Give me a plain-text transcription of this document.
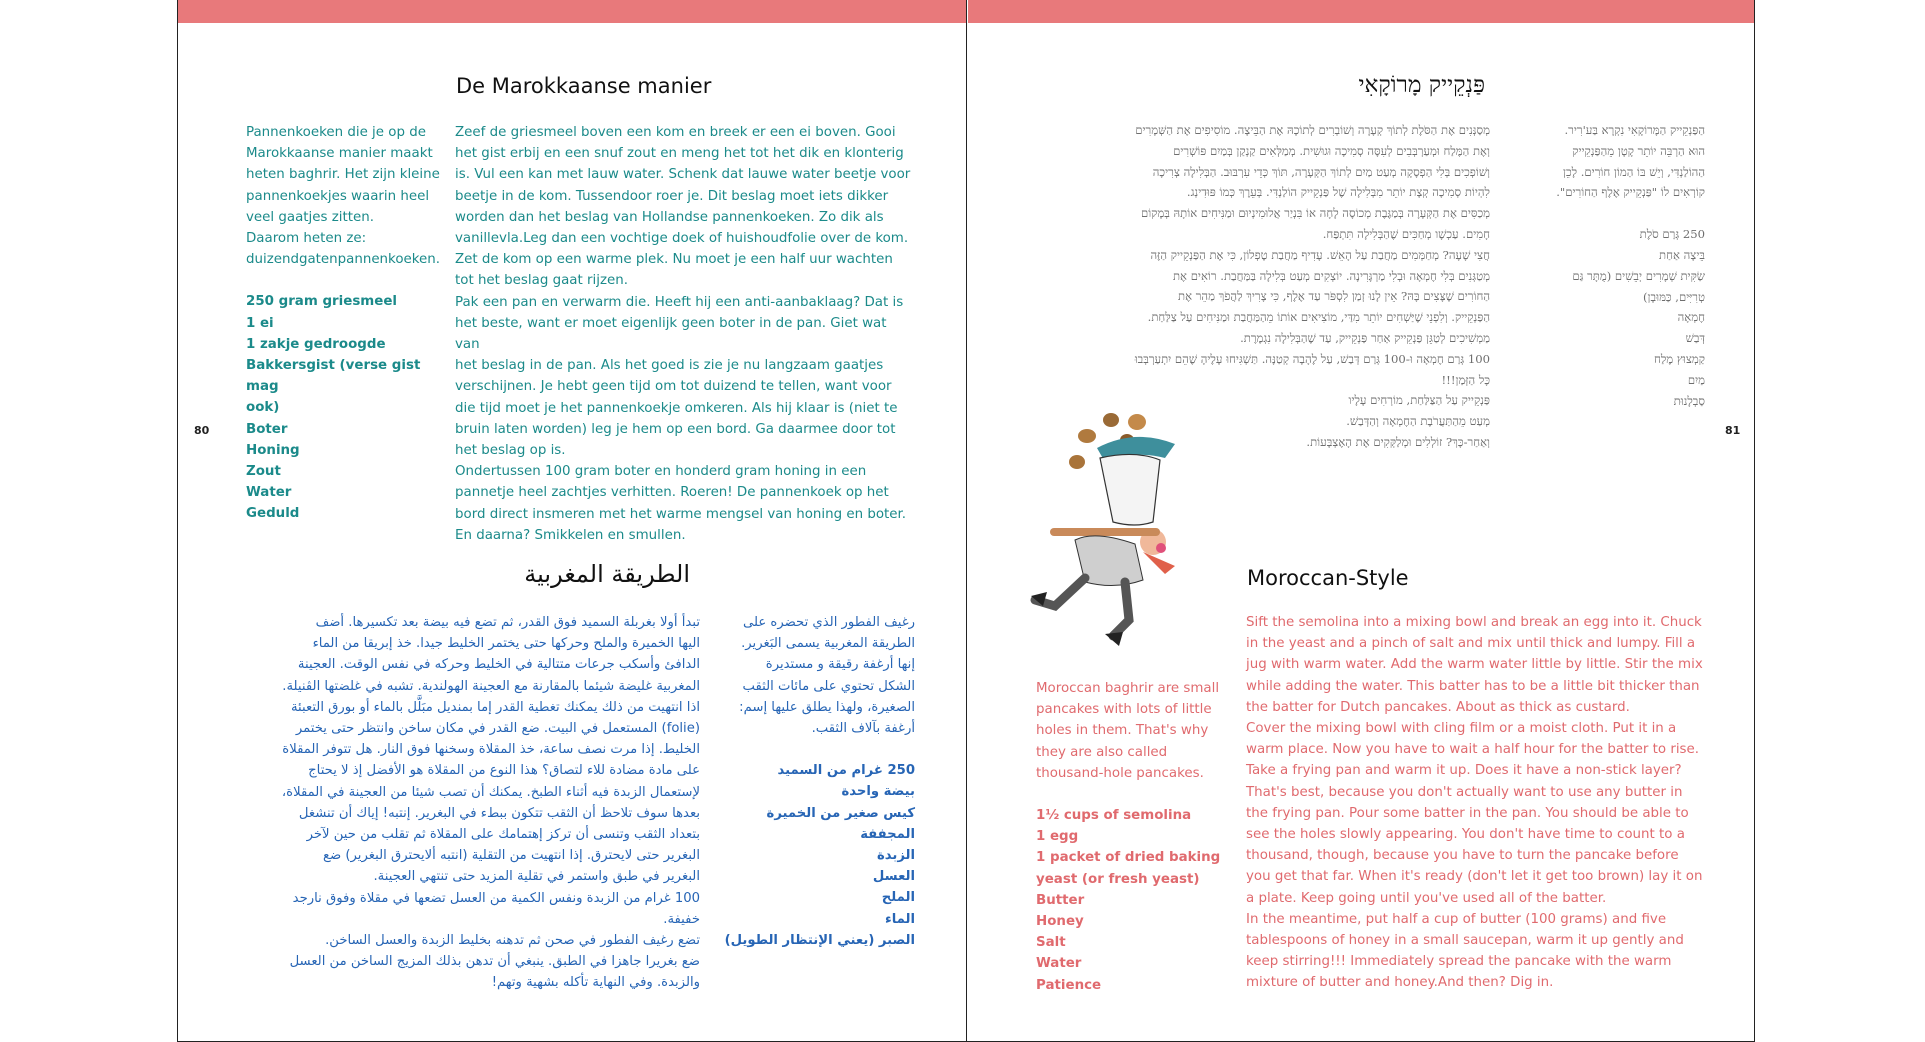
80	81
De Marokkaanse manier

Pannenkoeken die je op de
Marokkaanse manier maakt
heten baghrir. Het zijn kleine
pannenkoekjes waarin heel
veel gaatjes zitten.
Daarom heten ze:
duizendgatenpannenkoeken.

250 gram griesmeel
1 ei
1 zakje gedroogde
Bakkersgist (verse gist mag
ook)
Boter
Honing
Zout
Water
Geduld

Zeef de griesmeel boven een kom en breek er een ei boven. Gooi
het gist erbij en een snuf zout en meng het tot het dik en klonterig
is. Vul een kan met lauw water. Schenk dat lauwe water beetje voor
beetje in de kom. Tussendoor roer je. Dit beslag moet iets dikker
worden dan het beslag van Hollandse pannenkoeken. Zo dik als
vanillevla.Leg dan een vochtige doek of huishoudfolie over de kom.
Zet de kom op een warme plek. Nu moet je een half uur wachten
tot het beslag gaat rijzen.
Pak een pan en verwarm die. Heeft hij een anti-aanbaklaag? Dat is
het beste, want er moet eigenlijk geen boter in de pan. Giet wat van
het beslag in de pan. Als het goed is zie je nu langzaam gaatjes
verschijnen. Je hebt geen tijd om tot duizend te tellen, want voor
die tijd moet je het pannenkoekje omkeren. Als hij klaar is (niet te
bruin laten worden) leg je hem op een bord. Ga daarmee door tot
het beslag op is.
Ondertussen 100 gram boter en honderd gram honing in een
pannetje heel zachtjes verhitten. Roeren! De pannenkoek op het
bord direct insmeren met het warme mengsel van honing en boter.
En daarna? Smikkelen en smullen.

الطريقة المغربية

رغيف الفطور الذي تحضره على
الطريقة المغربية يسمى البَغرير.
إنها أرغفة رقيقة و مستديرة
الشكل تحتوي على مائات الثقب
الصغيرة، ولهذا يطلق عليها إسم:
أرغفة بآلاف الثقب.

250 غرام من السميد
بيضة واحدة
كيس صغير من الخميرة المجففة
الزبدة
العسل
الملح
الماء
الصبر (يعني الإنتظار الطويل)

تبدأ أولا بغربلة السميد فوق القدر، ثم تضع فيه بيضة بعد تكسيرها. أضف
اليها الخميرة والملح وحركها حتى يختمر الخليط جيدا. خذ إبريقا من الماء
الدافئ وأسكب جرعات متتالية في الخليط وحركه في نفس الوقت. العجينة
المغربية غليضة شيئما بالمقارنة مع العجينة الهولندية. تشبه في غلضتها الڤنيلة.
اذا انتهيت من ذلك يمكنك تغطية القدر إما بمنديل مبَلَّل بالماء أو بورق التعبئة
(folie) المستعمل في البيت. ضع القدر في مكان ساخن وانتظر حتى يختمر
الخليط. إذا مرت نصف ساعة، خذ المقلاة وسخنها فوق النار. هل تتوفر المقلاة
على مادة مضادة للاء لتصاق؟ هذا النوع من المقلاة هو الأفضل إذ لا يحتاج
لإستعمال الزبدة فيه أثناء الطبخ. يمكنك أن تصب شيئا من العجينة في المقلاة،
بعدها سوف تلاحظ أن الثقب تتكون ببطء في البغرير. إنتبه! إياك أن تنشغل
بتعداد الثقب وتنسى أن تركز إهتمامك على المقلاة ثم تقلب من حين لآخر
البغرير حتى لايحترق. إذا انتهيت من التقلية (انتبه ألايحترق البغرير) ضع
البغرير في طبق واستمر في تقلية المزيد حتى تنتهي العجينة.
100 غرام من الزبدة ونفس الكمية من العسل تضعها في مقلاة وفوق نارجد
خفيفة.
تضع رغيف الفطور في صحن ثم تدهنه بخليط الزبدة والعسل الساخن.
ضع بغريرا جاهزا في الطبق. ينبغي أن تدهن بذلك المزيج الساخن من العسل
والزبدة. وفي النهاية تأكله بشهية وتهم!

פַּנְקֵייק מָרוֹקָאִי

הַפַּנְקֵייק הַמָּרוֹקָאִי נִקְרָא בַּע'רִיר.
הוּא הַרְבֵּה יוֹתֵר קָטָן מֵהַפַּנְקֵייק
הַהוֹלַנְדִּי, וְיֵשׁ בּוֹ הַמוֹן חוֹרִים. לָכֵן
קוֹרְאִים לוֹ "פַּנְקֵייק אֶלֶף הַחוֹרִים".

250 גְּרַם סֹלֶת
בֵּיצָה אַחַת
שַׂקִּית שְׁמָרִים יְבֵשִׁים (מֻתָּר גַּם
טְרִיִּים, כַּמּוּבָן)
חֶמְאָה
דְּבַשׁ
קַמְצוּץ מֶלַח
מַיִם
סַבְלָנוּת

מְסַנְּנִים אֶת הַסֹּלֶת לְתוֹךְ קְעָרָה וְשׁוֹבְרִים לְתוֹכָהּ אֶת הַבֵּיצָה. מוֹסִיפִים אֶת הַשְּׁמָרִים
וְאֶת הַמֶּלַח וּמְעַרְבְּבִים לְעִסָּה סְמִיכָה וּגוּשִׁית. מְמַלְּאִים קַנְקַן בְּמַיִם פּוֹשְׁרִים
וְשׁוֹפְכִים בְּלִי הַפְסָקָה מְעַט מַיִם לְתוֹךְ הַקְּעָרָה, תּוֹךְ כְּדֵי עִרְבּוּב. הַבְּלִילָה צְרִיכָה
לִהְיוֹת סְמִיכָה קְצָת יוֹתֵר מִבְּלִילָה שֶׁל פַּנְקֵייק הוֹלַנְדִּי. בְּעֵרֶךְ כְּמוֹ פּוּדִינְג.
מְכַסִּים אֶת הַקְּעָרָה בְּמַגֶּבֶת מְכוֹסָה לָחָה אוֹ בִּנְיַר אֲלוּמִינְיוּם וּמַנִּיחִים אוֹתָהּ בְּמָקוֹם
חָמִים. עַכְשָׁו מְחַכִּים שֶׁהַבְּלִילָה תִּתְפַּח.
חֲצִי שָׁעָה? מְחַמְּמִים מַחֲבַת עַל הָאֵשׁ. עָדִיף מַחֲבַת טֶפְלוֹן, כִּי אֶת הַפַּנְקֵייק הַזֶּה
מְטַגְּנִים בְּלִי חֶמְאָה וּבְלִי מַרְגָּרִינָה. יוֹצְקִים מְעַט בְּלִילָה בַּמַּחֲבַת. רוֹאִים אֶת
הַחוֹרִים שֶׁצָּצִים בָּהּ? אֵין לָנוּ זְמַן לִסְפֹּר עַד אֶלֶף, כִּי צָרִיךְ לַהֲפֹךְ מַהֵר אֶת
הַפַּנְקֵייק. וְלִפְנֵי שֶׁיַּשְׁחִים יוֹתֵר מִדַּי, מוֹצִיאִים אוֹתוֹ מֵהַמַּחֲבַת וּמַנִּיחִים עַל צַלַּחַת.
מַמְשִׁיכִים לְטַגֵּן פַּנְקֵייק אַחַר פַּנְקֵייק, עַד שֶׁהַבְּלִילָה נִגְמֶרֶת.
100 גְּרַם חֶמְאָה וּ-100 גְּרַם דְּבַשׁ, עַל לֶהָבָה קְטַנָּה. תַּשְׁגִּיחוּ עָלֶיהָ שֶׁהֵם יִתְעַרְבְּבוּ
כָּל הַזְּמַן!!!
פַּנְקֵייק עַל הַצַּלַּחַת, מוֹרְחִים עָלָיו
מְעַט מֵהַתַּעֲרֹבֶת הַחֶמְאָה וְהַדְּבַשׁ.
וְאַחַר-כָּךְ? זוֹלְלִים וּמְלַקְּקִים אֶת הָאֶצְבָּעוֹת.

Moroccan-Style

Moroccan baghrir are small
pancakes with lots of little
holes in them. That's why
they are also called
thousand-hole pancakes.

1½ cups of semolina
1 egg
1 packet of dried baking
yeast (or fresh yeast)
Butter
Honey
Salt
Water
Patience

Sift the semolina into a mixing bowl and break an egg into it. Chuck
in the yeast and a pinch of salt and mix until thick and lumpy. Fill a
jug with warm water. Add the warm water little by little. Stir the mix
while adding the water. This batter has to be a little bit thicker than
the batter for Dutch pancakes. About as thick as custard.
Cover the mixing bowl with cling film or a moist cloth. Put it in a
warm place. Now you have to wait a half hour for the batter to rise.
Take a frying pan and warm it up. Does it have a non-stick layer?
That's best, because you don't actually want to use any butter in
the frying pan. Pour some batter in the pan. You should be able to
see the holes slowly appearing. You don't have time to count to a
thousand, though, because you have to turn the pancake before
you get that far. When it's ready (don't let it get too brown) lay it on
a plate. Keep going until you've used all of the batter.
In the meantime, put half a cup of butter (100 grams) and five
tablespoons of honey in a small saucepan, warm it up gently and
keep stirring!!! Immediately spread the pancake with the warm
mixture of butter and honey.And then? Dig in.
